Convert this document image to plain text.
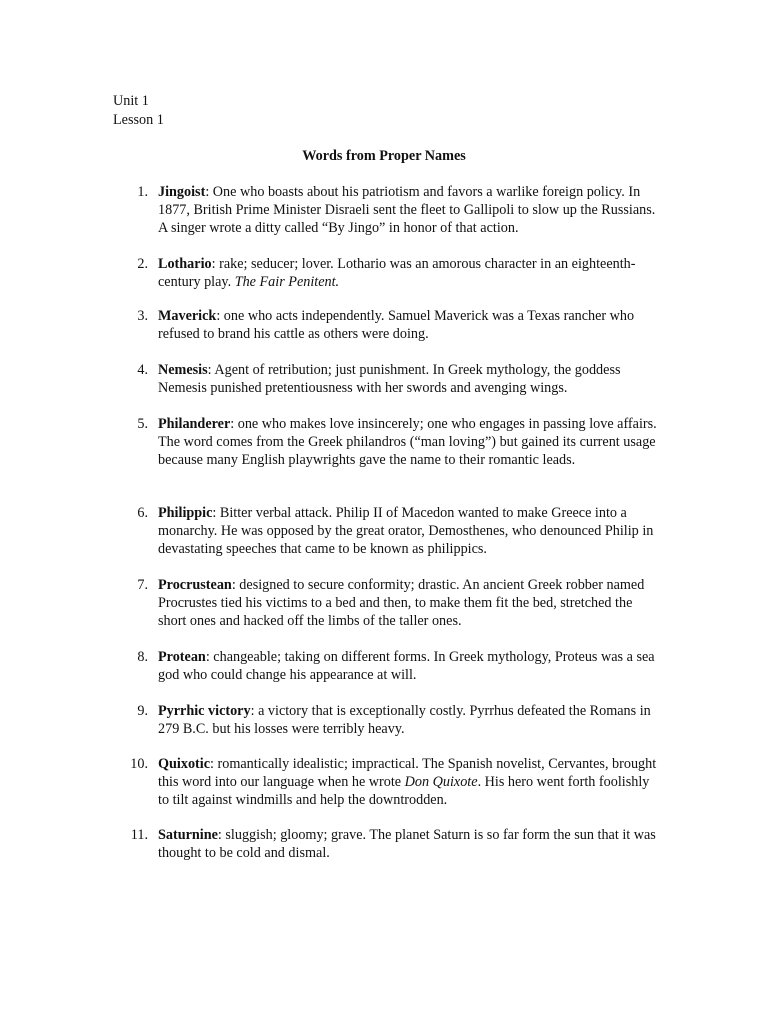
Unit 1
Lesson 1
Words from Proper Names
1. Jingoist: One who boasts about his patriotism and favors a warlike foreign policy. In 1877, British Prime Minister Disraeli sent the fleet to Gallipoli to slow up the Russians. A singer wrote a ditty called “By Jingo” in honor of that action.
2. Lothario: rake; seducer; lover. Lothario was an amorous character in an eighteenth-century play. The Fair Penitent.
3. Maverick: one who acts independently. Samuel Maverick was a Texas rancher who refused to brand his cattle as others were doing.
4. Nemesis: Agent of retribution; just punishment. In Greek mythology, the goddess Nemesis punished pretentiousness with her swords and avenging wings.
5. Philanderer: one who makes love insincerely; one who engages in passing love affairs. The word comes from the Greek philandros (“man loving”) but gained its current usage because many English playwrights gave the name to their romantic leads.
6. Philippic: Bitter verbal attack. Philip II of Macedon wanted to make Greece into a monarchy. He was opposed by the great orator, Demosthenes, who denounced Philip in devastating speeches that came to be known as philippics.
7. Procrustean: designed to secure conformity; drastic. An ancient Greek robber named Procrustes tied his victims to a bed and then, to make them fit the bed, stretched the short ones and hacked off the limbs of the taller ones.
8. Protean: changeable; taking on different forms. In Greek mythology, Proteus was a sea god who could change his appearance at will.
9. Pyrrhic victory: a victory that is exceptionally costly. Pyrrhus defeated the Romans in 279 B.C. but his losses were terribly heavy.
10. Quixotic: romantically idealistic; impractical. The Spanish novelist, Cervantes, brought this word into our language when he wrote Don Quixote. His hero went forth foolishly to tilt against windmills and help the downtrodden.
11. Saturnine: sluggish; gloomy; grave. The planet Saturn is so far form the sun that it was thought to be cold and dismal.
